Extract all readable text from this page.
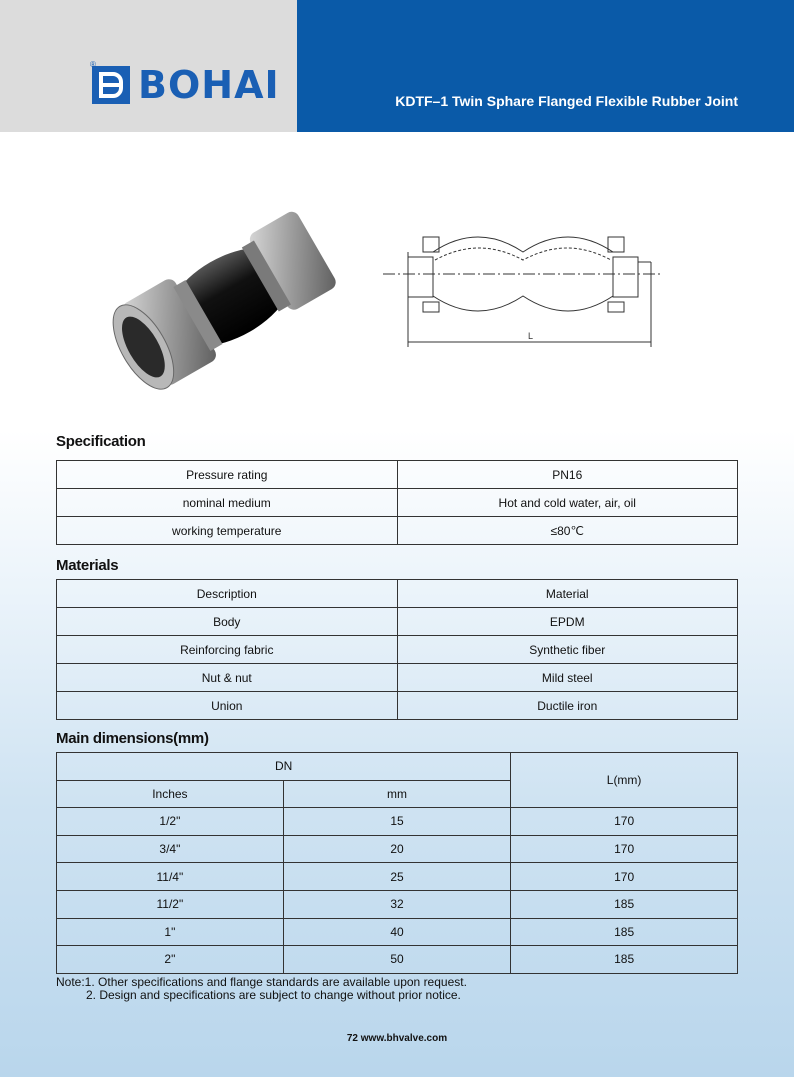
BOHAI
®
KDTF–1 Twin Sphare Flanged Flexible Rubber Joint
L
Specification
Pressure rating	PN16
nominal medium	Hot and cold water, air, oil
working temperature	≤80℃
Materials
Description	Material
Body	EPDM
Reinforcing fabric	Synthetic fiber
Nut & nut	Mild steel
Union	Ductile iron
Main dimensions(mm)
DN		L(mm)
Inches	mm	
1/2"	15	170
3/4"	20	170
11/4"	25	170
11/2"	32	185
1"	40	185
2"	50	185
Note:1. Other specifications and flange standards are available upon request.
2. Design and specifications are subject to change without prior notice.
72 www.bhvalve.com
